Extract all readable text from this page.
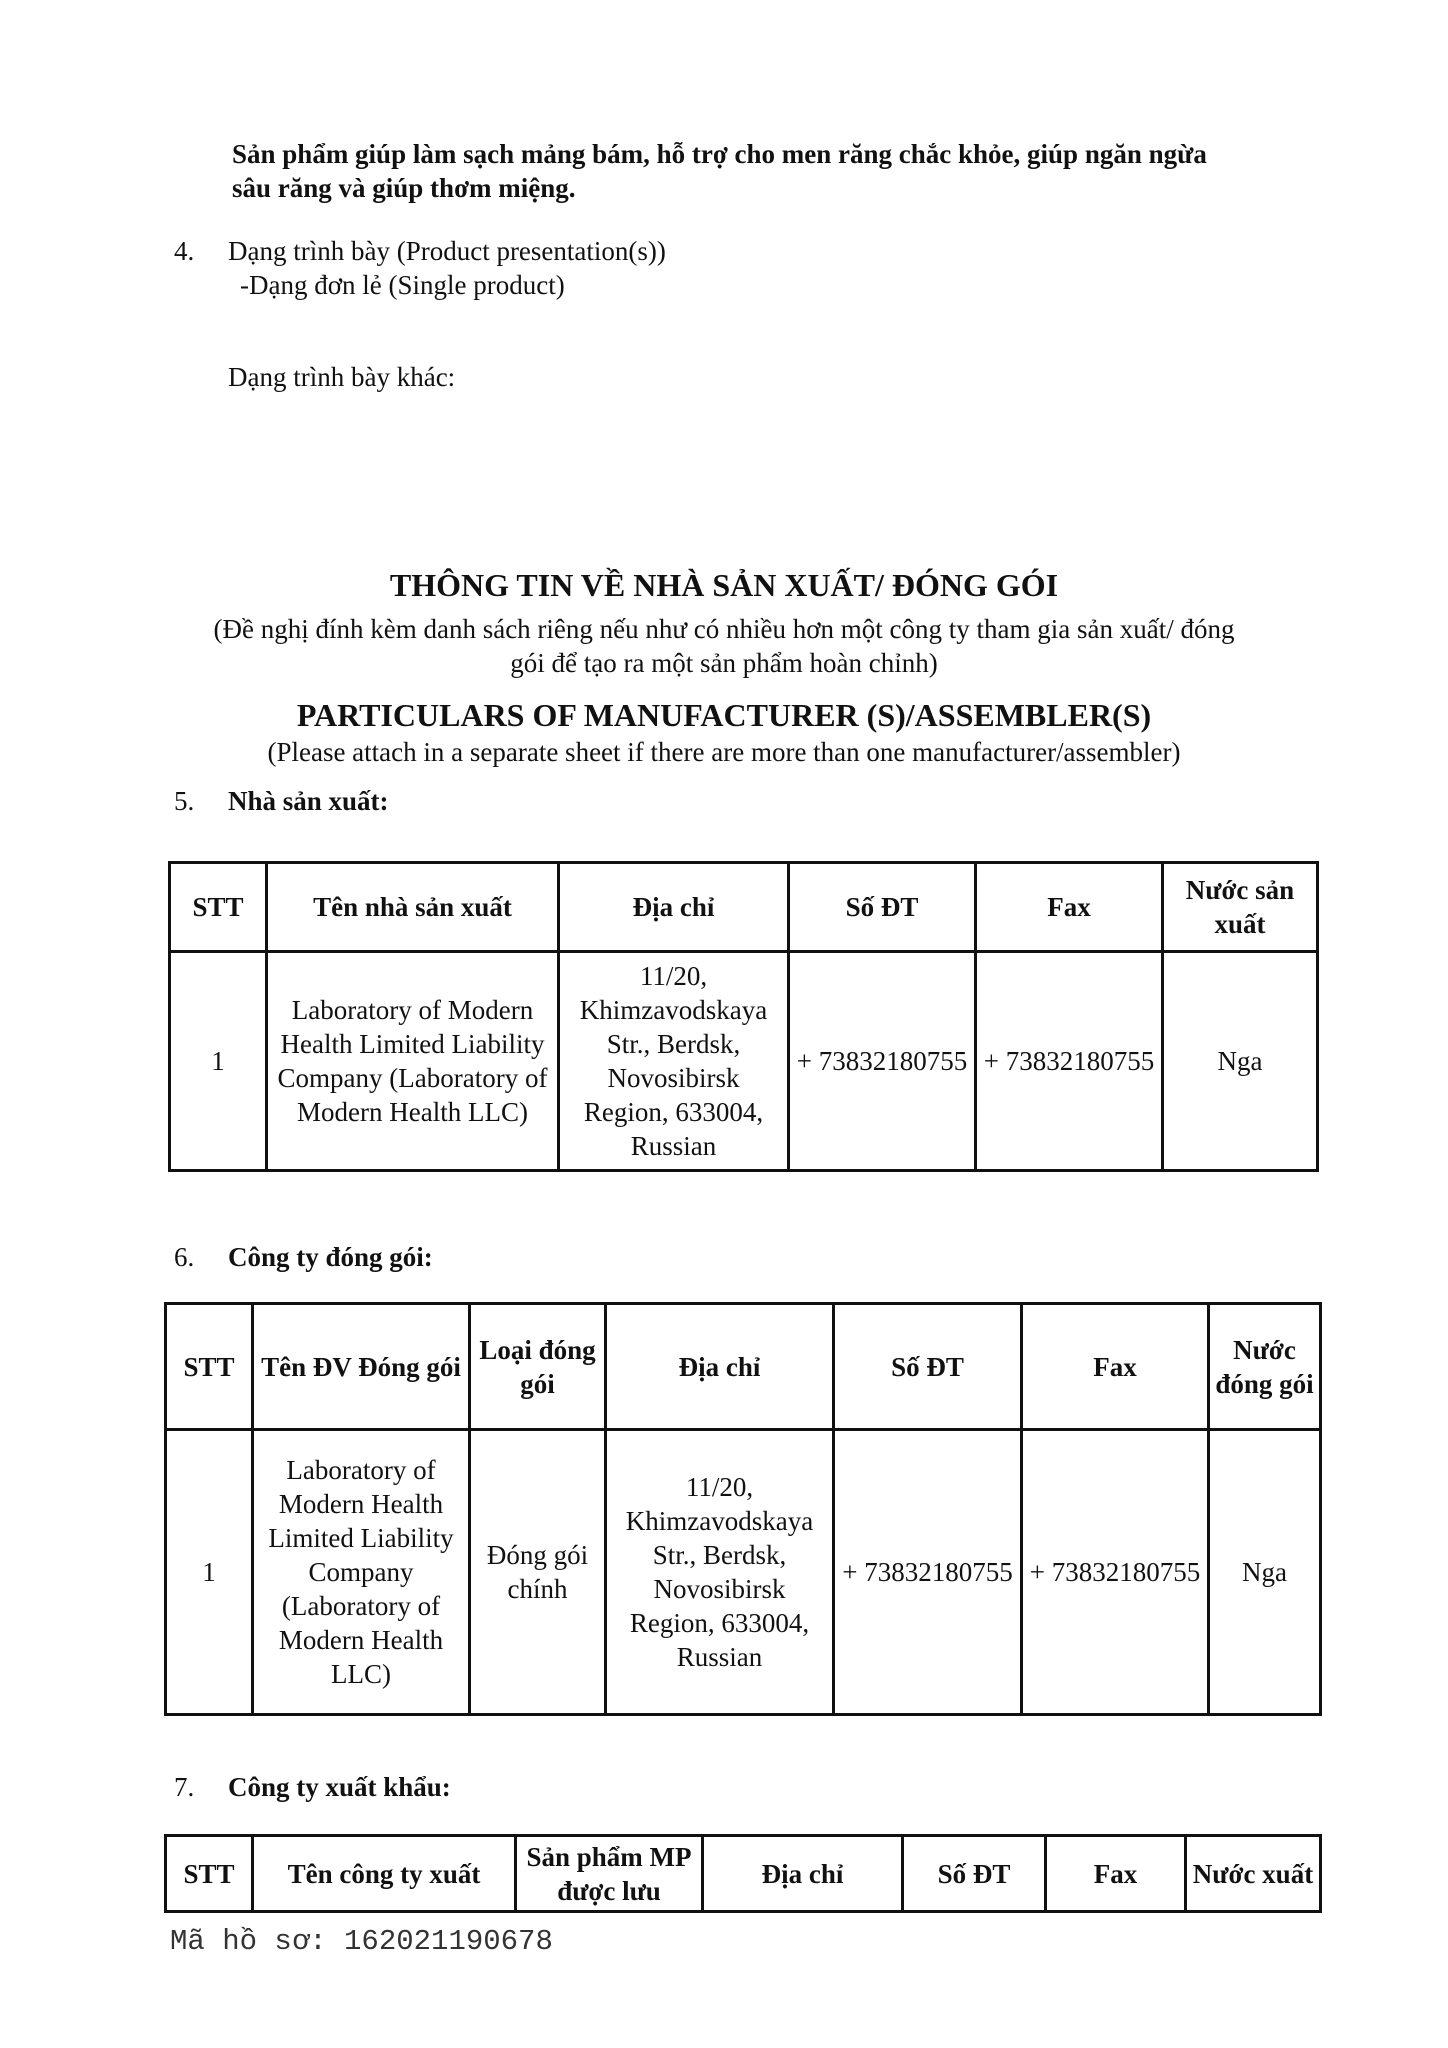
Sản phẩm giúp làm sạch mảng bám, hỗ trợ cho men răng chắc khỏe, giúp ngăn ngừa
sâu răng và giúp thơm miệng.
4. Dạng trình bày (Product presentation(s))
-Dạng đơn lẻ (Single product)
Dạng trình bày khác:
THÔNG TIN VỀ NHÀ SẢN XUẤT/ ĐÓNG GÓI
(Đề nghị đính kèm danh sách riêng nếu như có nhiều hơn một công ty tham gia sản xuất/ đóng
gói để tạo ra một sản phẩm hoàn chỉnh)
PARTICULARS OF MANUFACTURER (S)/ASSEMBLER(S)
(Please attach in a separate sheet if there are more than one manufacturer/assembler)
5. Nhà sản xuất:
STT	Tên nhà sản xuất	Địa chỉ	Số ĐT	Fax	Nước sản xuất
1	Laboratory of Modern Health Limited Liability Company (Laboratory of Modern Health LLC)	11/20, Khimzavodskaya Str., Berdsk, Novosibirsk Region, 633004, Russian	+ 73832180755	+ 73832180755	Nga
6. Công ty đóng gói:
STT	Tên ĐV Đóng gói	Loại đóng gói	Địa chỉ	Số ĐT	Fax	Nước đóng gói
1	Laboratory of Modern Health Limited Liability Company (Laboratory of Modern Health LLC)	Đóng gói chính	11/20, Khimzavodskaya Str., Berdsk, Novosibirsk Region, 633004, Russian	+ 73832180755	+ 73832180755	Nga
7. Công ty xuất khẩu:
STT	Tên công ty xuất	Sản phẩm MP được lưu	Địa chỉ	Số ĐT	Fax	Nước xuất
Mã hồ sơ: 162021190678
